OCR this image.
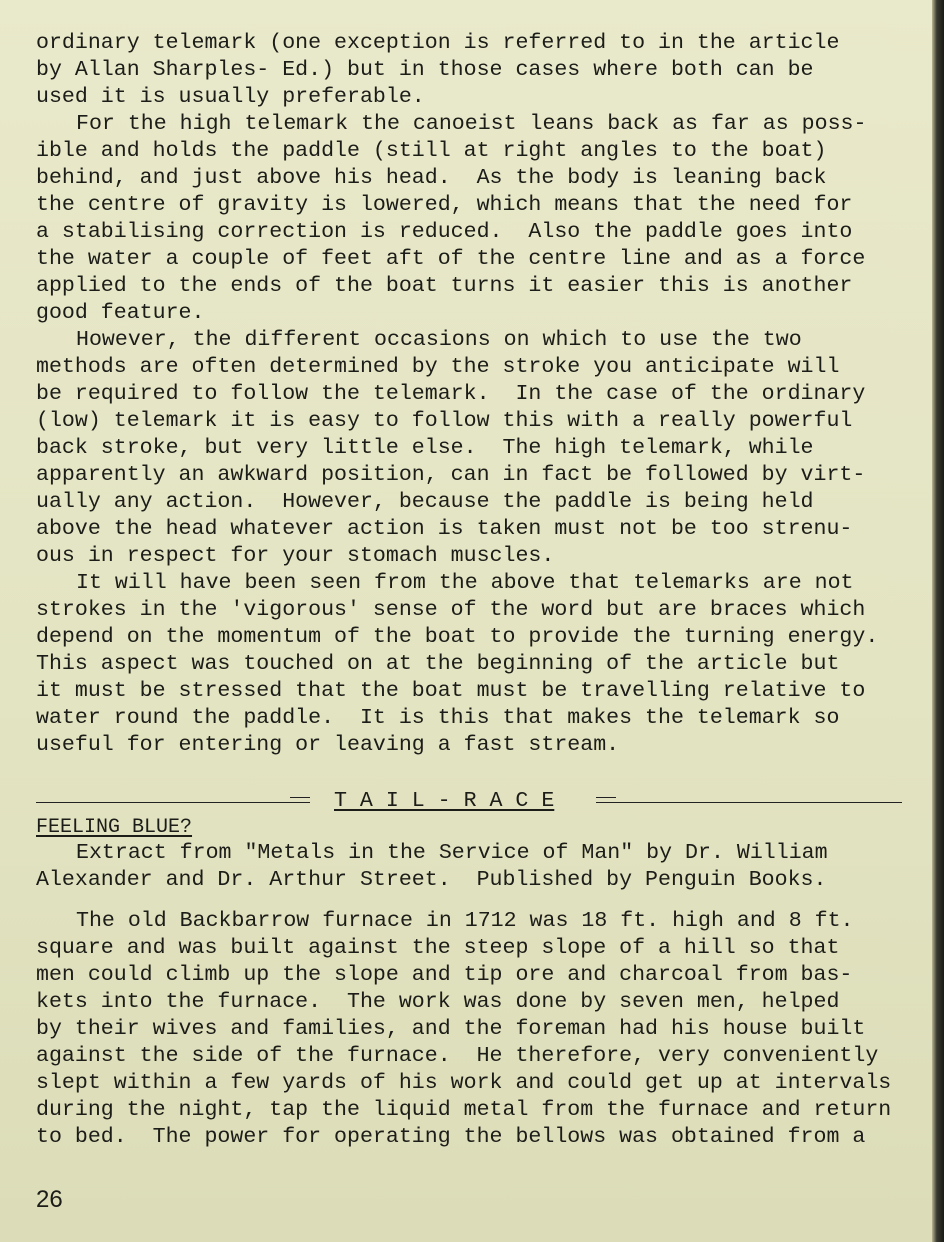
ordinary telemark (one exception is referred to in the article
by Allan Sharples- Ed.) but in those cases where both can be
used it is usually preferable.
For the high telemark the canoeist leans back as far as poss-
ible and holds the paddle (still at right angles to the boat)
behind, and just above his head.  As the body is leaning back
the centre of gravity is lowered, which means that the need for
a stabilising correction is reduced.  Also the paddle goes into
the water a couple of feet aft of the centre line and as a force
applied to the ends of the boat turns it easier this is another
good feature.
However, the different occasions on which to use the two
methods are often determined by the stroke you anticipate will
be required to follow the telemark.  In the case of the ordinary
(low) telemark it is easy to follow this with a really powerful
back stroke, but very little else.  The high telemark, while
apparently an awkward position, can in fact be followed by virt-
ually any action.  However, because the paddle is being held
above the head whatever action is taken must not be too strenu-
ous in respect for your stomach muscles.
It will have been seen from the above that telemarks are not
strokes in the 'vigorous' sense of the word but are braces which
depend on the momentum of the boat to provide the turning energy.
This aspect was touched on at the beginning of the article but
it must be stressed that the boat must be travelling relative to
water round the paddle.  It is this that makes the telemark so
useful for entering or leaving a fast stream.
T A I L - R A C E
FEELING BLUE?
Extract from "Metals in the Service of Man" by Dr. William
Alexander and Dr. Arthur Street.  Published by Penguin Books.
The old Backbarrow furnace in 1712 was 18 ft. high and 8 ft.
square and was built against the steep slope of a hill so that
men could climb up the slope and tip ore and charcoal from bas-
kets into the furnace.  The work was done by seven men, helped
by their wives and families, and the foreman had his house built
against the side of the furnace.  He therefore, very conveniently
slept within a few yards of his work and could get up at intervals
during the night, tap the liquid metal from the furnace and return
to bed.  The power for operating the bellows was obtained from a
26
